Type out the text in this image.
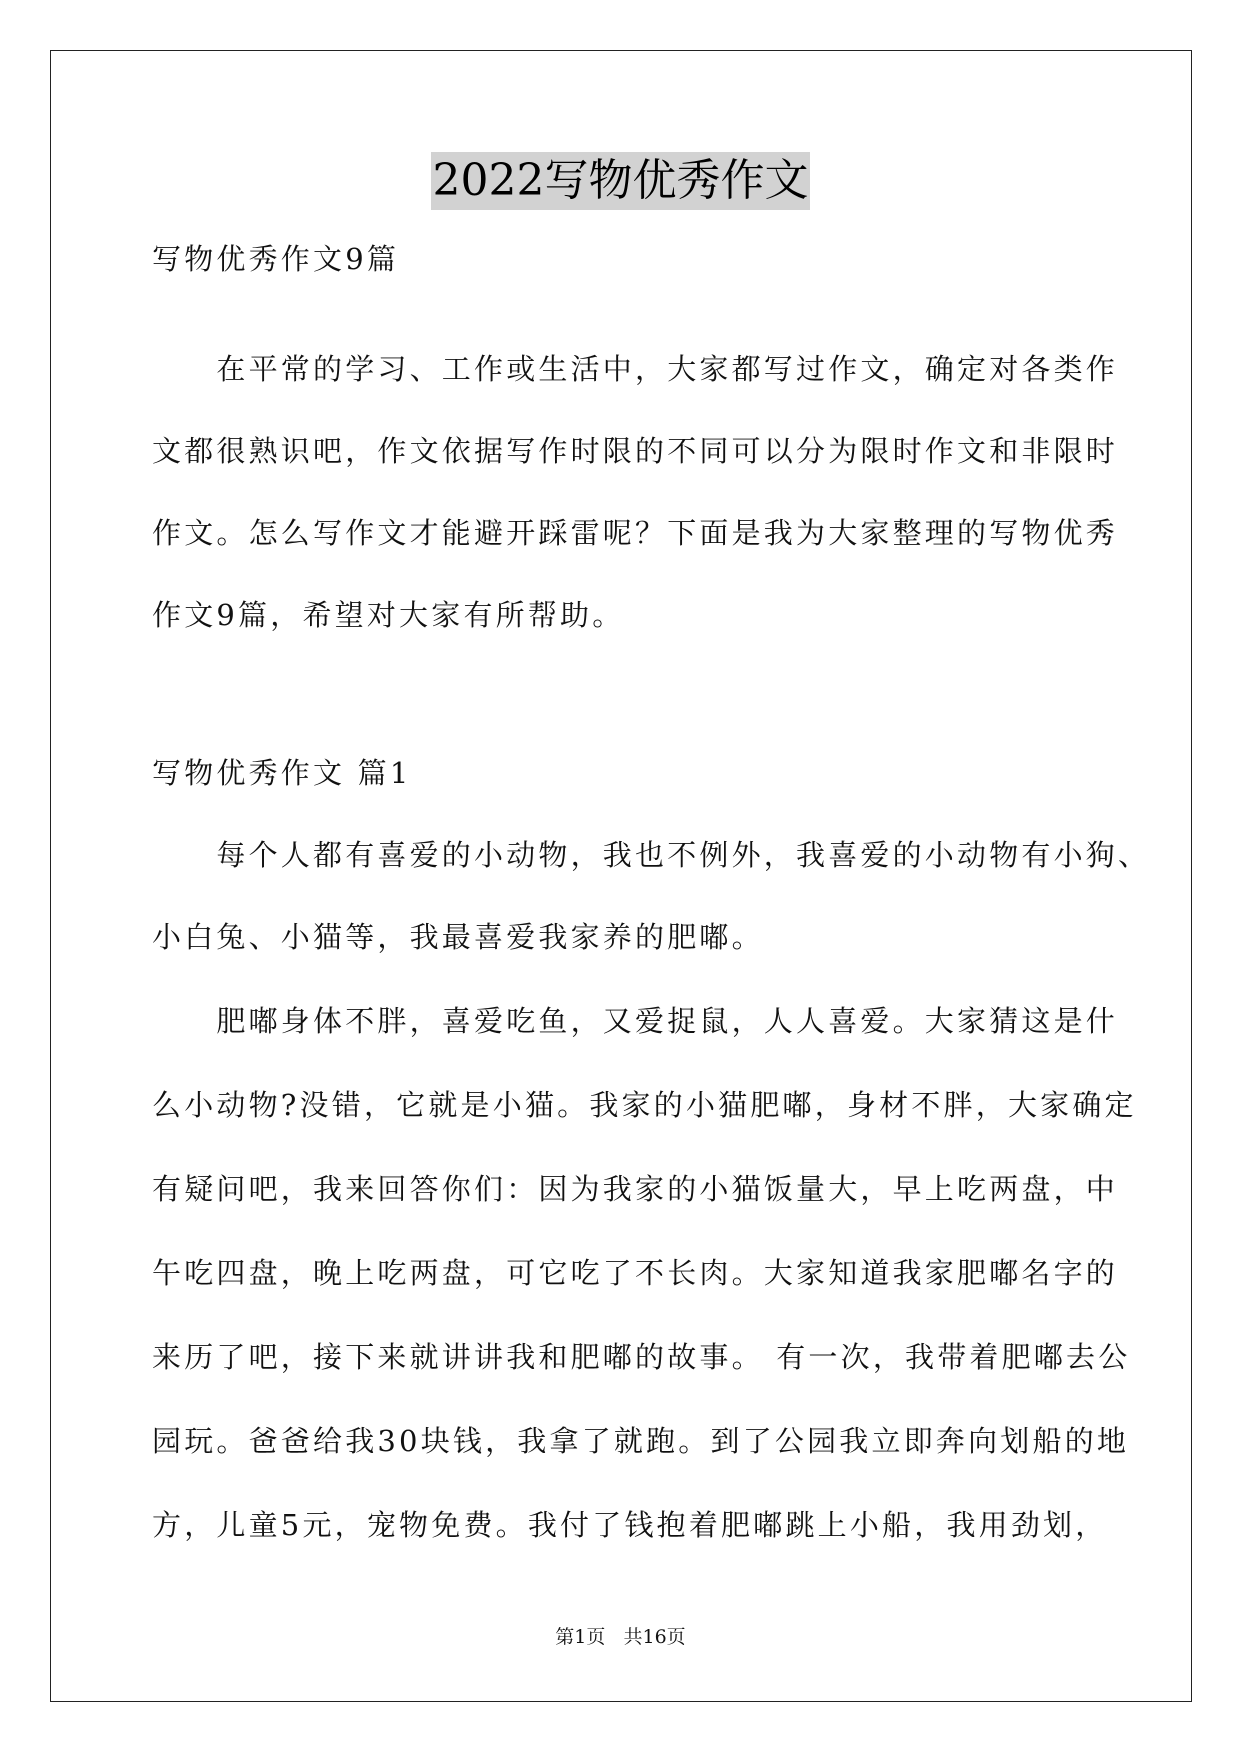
2022写物优秀作文
写物优秀作文9篇
　　在平常的学习、工作或生活中，大家都写过作文，确定对各类作
文都很熟识吧，作文依据写作时限的不同可以分为限时作文和非限时
作文。怎么写作文才能避开踩雷呢？下面是我为大家整理的写物优秀
作文9篇，希望对大家有所帮助。
写物优秀作文 篇1
　　每个人都有喜爱的小动物，我也不例外，我喜爱的小动物有小狗、
小白兔、小猫等，我最喜爱我家养的肥嘟。
　　肥嘟身体不胖，喜爱吃鱼，又爱捉鼠，人人喜爱。大家猜这是什
么小动物?没错，它就是小猫。我家的小猫肥嘟，身材不胖，大家确定
有疑问吧，我来回答你们：因为我家的小猫饭量大，早上吃两盘，中
午吃四盘，晚上吃两盘，可它吃了不长肉。大家知道我家肥嘟名字的
来历了吧，接下来就讲讲我和肥嘟的故事。 有一次，我带着肥嘟去公
园玩。爸爸给我30块钱，我拿了就跑。到了公园我立即奔向划船的地
方，儿童5元，宠物免费。我付了钱抱着肥嘟跳上小船，我用劲划，
第1页   共16页
